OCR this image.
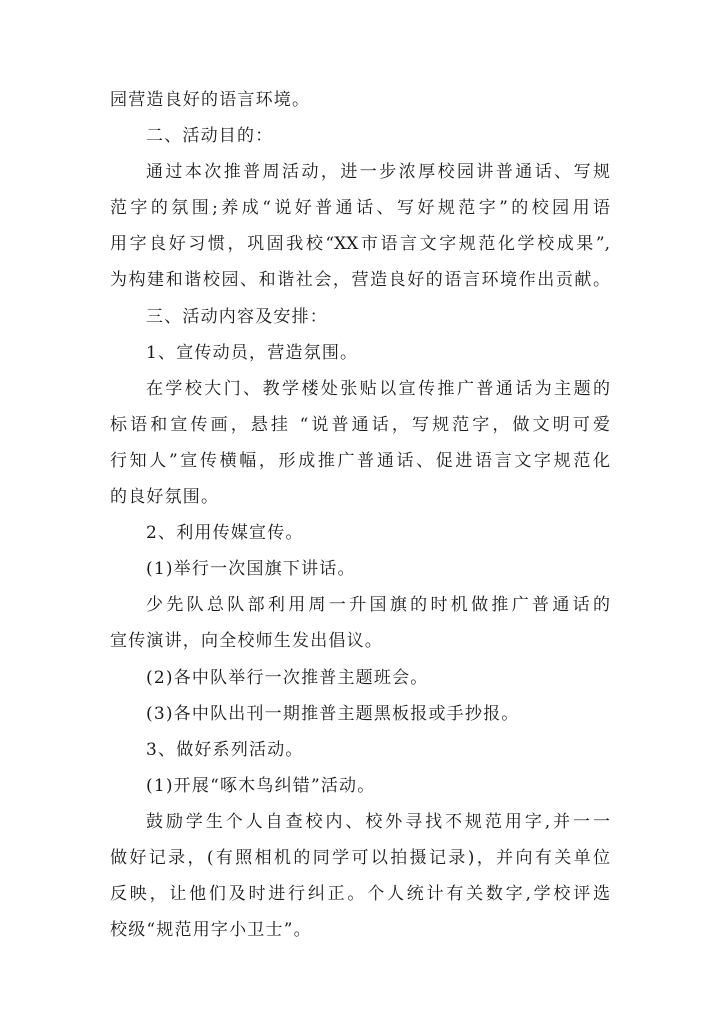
园营造良好的语言环境。
二、活动目的：
通过本次推普周活动，进一步浓厚校园讲普通话、写规
范字的氛围;养成“说好普通话、写好规范字”的校园用语
用字良好习惯，巩固我校“XX市语言文字规范化学校成果”,
为构建和谐校园、和谐社会，营造良好的语言环境作出贡献。
三、活动内容及安排：
1、宣传动员，营造氛围。
在学校大门、教学楼处张贴以宣传推广普通话为主题的
标语和宣传画，悬挂 “说普通话，写规范字，做文明可爱
行知人”宣传横幅，形成推广普通话、促进语言文字规范化
的良好氛围。
2、利用传媒宣传。
(1)举行一次国旗下讲话。
少先队总队部利用周一升国旗的时机做推广普通话的
宣传演讲，向全校师生发出倡议。
(2)各中队举行一次推普主题班会。
(3)各中队出刊一期推普主题黑板报或手抄报。
3、做好系列活动。
(1)开展“啄木鸟纠错”活动。
鼓励学生个人自查校内、校外寻找不规范用字,并一一
做好记录，(有照相机的同学可以拍摄记录)，并向有关单位
反映，让他们及时进行纠正。个人统计有关数字,学校评选
校级“规范用字小卫士”。
